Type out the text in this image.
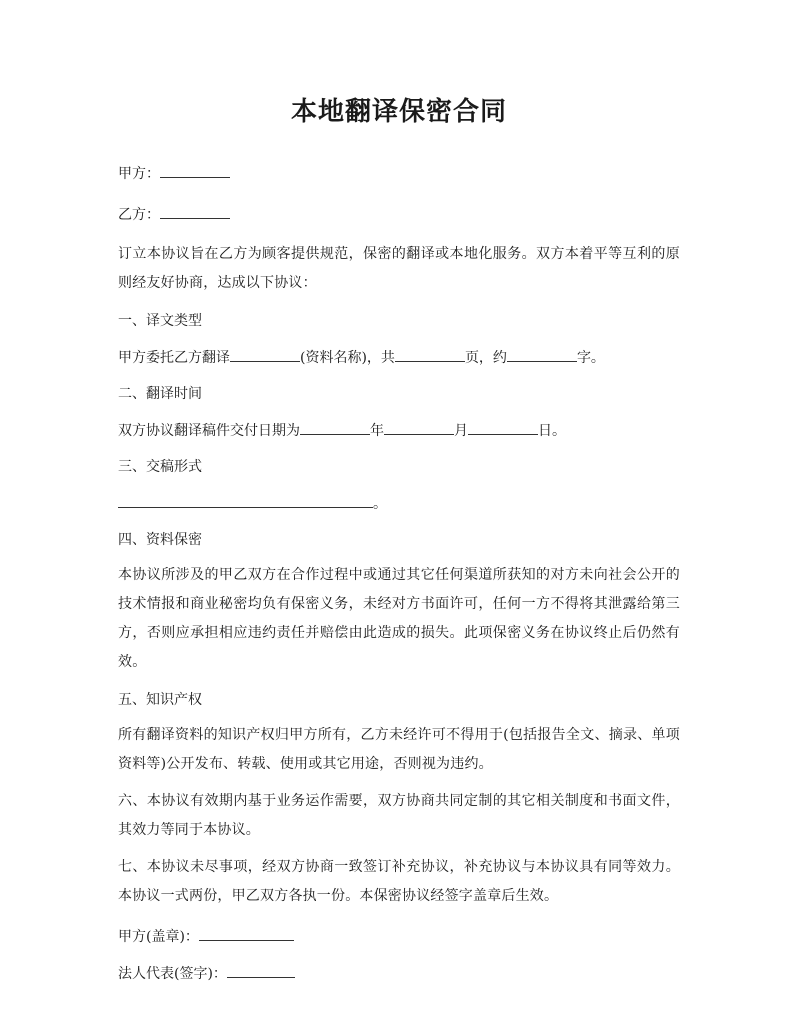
本地翻译保密合同

甲方：

乙方：

订立本协议旨在乙方为顾客提供规范，保密的翻译或本地化服务。双方本着平等互利的原则经友好协商，达成以下协议：

一、译文类型

甲方委托乙方翻译	(资料名称)，共	页，约	字。

二、翻译时间

双方协议翻译稿件交付日期为	年	月	日。

三、交稿形式

。

四、资料保密

本协议所涉及的甲乙双方在合作过程中或通过其它任何渠道所获知的对方未向社会公开的技术情报和商业秘密均负有保密义务，未经对方书面许可，任何一方不得将其泄露给第三方，否则应承担相应违约责任并赔偿由此造成的损失。此项保密义务在协议终止后仍然有效。

五、知识产权

所有翻译资料的知识产权归甲方所有，乙方未经许可不得用于(包括报告全文、摘录、单项资料等)公开发布、转载、使用或其它用途，否则视为违约。

六、本协议有效期内基于业务运作需要，双方协商共同定制的其它相关制度和书面文件，其效力等同于本协议。

七、本协议未尽事项，经双方协商一致签订补充协议，补充协议与本协议具有同等效力。本协议一式两份，甲乙双方各执一份。本保密协议经签字盖章后生效。

甲方(盖章)：

法人代表(签字)：
